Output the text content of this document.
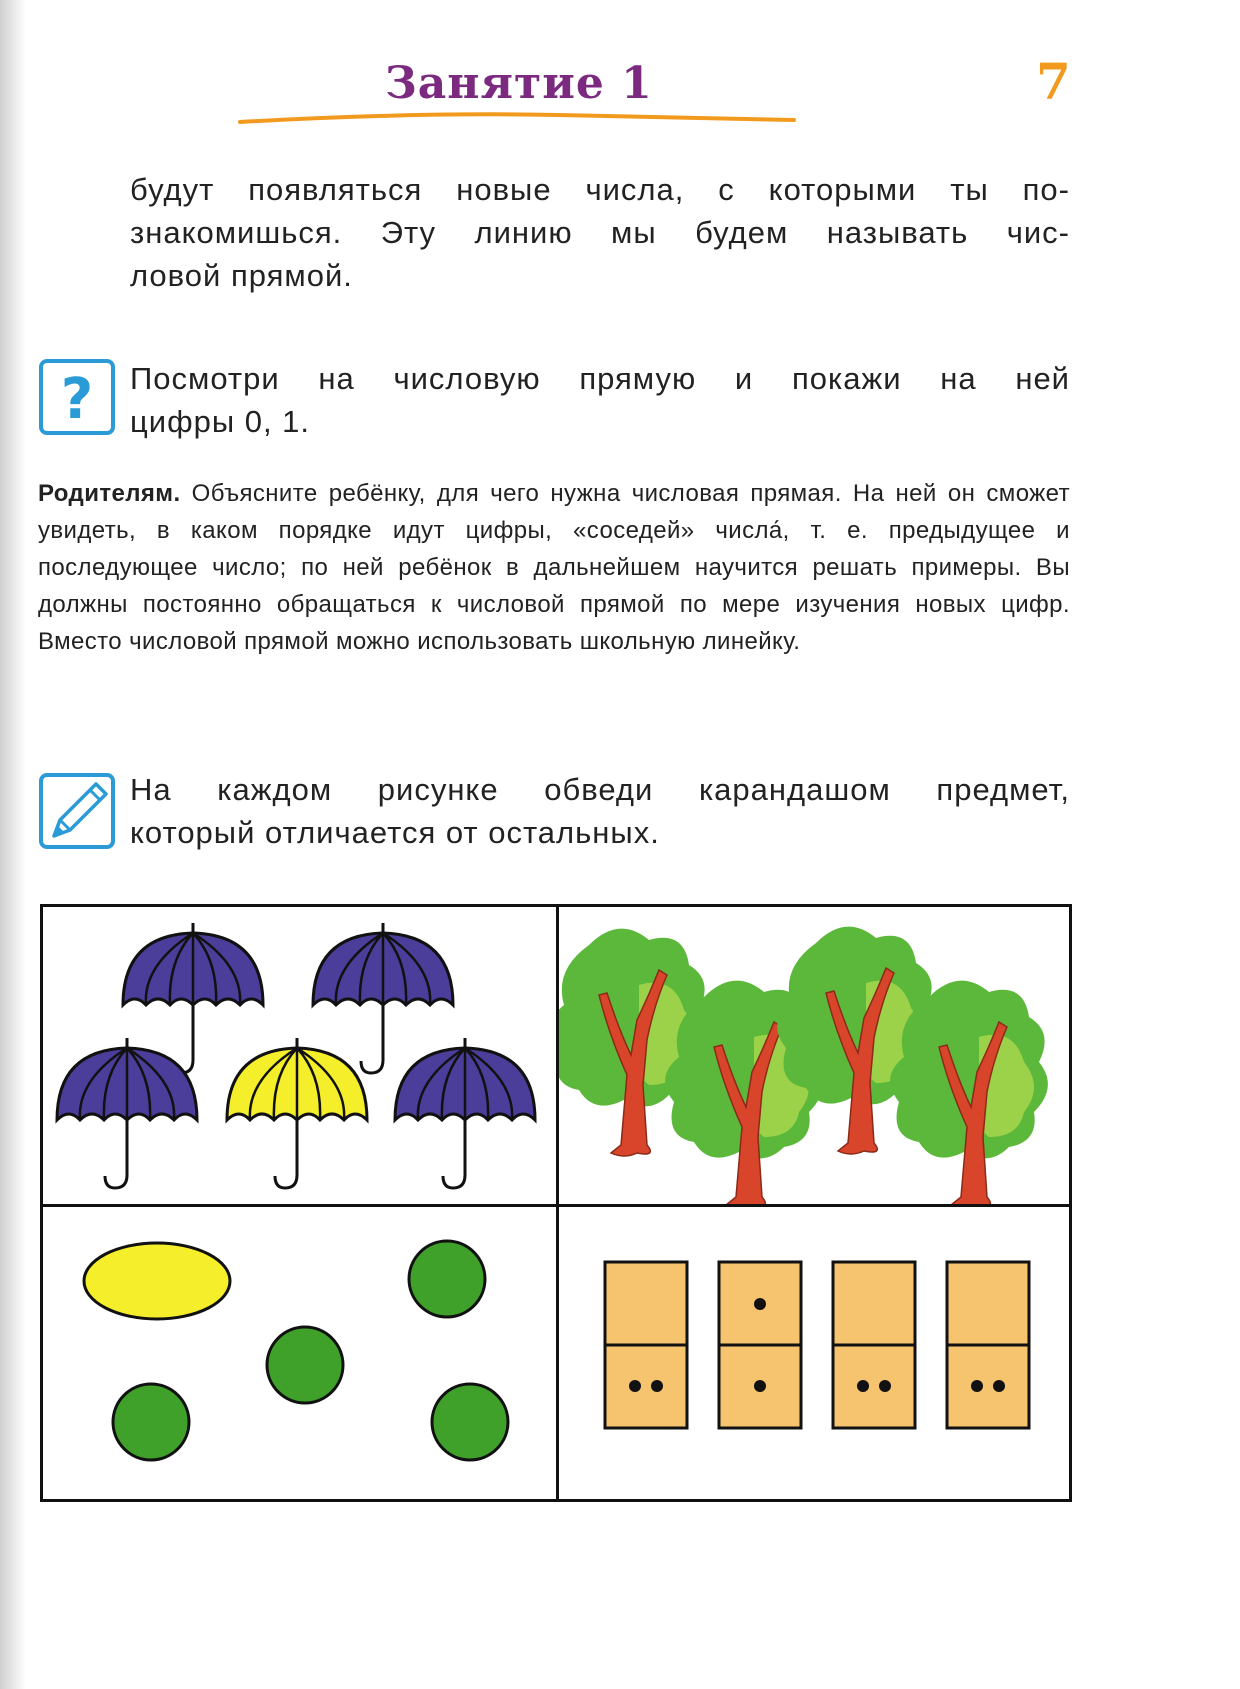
Занятие 1	7
будут появляться новые числа, с которыми ты по-
знакомишься. Эту линию мы будем называть чис-
ловой прямой.
? Посмотри на числовую прямую и покажи на ней
цифры 0, 1.
Родителям. Объясните ребёнку, для чего нужна числовая прямая. На ней он сможет увидеть, в каком порядке идут цифры, «соседей» числа́, т. е. предыдущее и последующее число; по ней ребёнок в дальнейшем научится решать примеры. Вы должны постоянно обращаться к числовой прямой по мере изучения новых цифр. Вместо числовой прямой можно использовать школьную линейку.
На каждом рисунке обведи карандашом предмет,
который отличается от остальных.
